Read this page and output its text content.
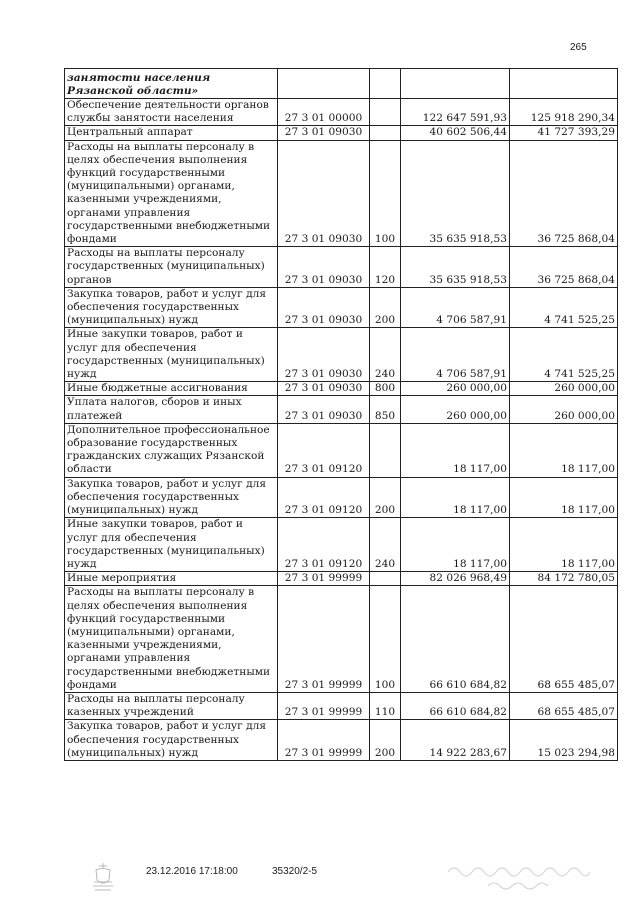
265
занятости населения Рязанской области»				
Обеспечение деятельности органов службы занятости населения	27 3 01 00000		122 647 591,93	125 918 290,34
Центральный аппарат	27 3 01 09030		40 602 506,44	41 727 393,29
Расходы на выплаты персоналу в целях обеспечения выполнения функций государственными (муниципальными) органами, казенными учреждениями, органами управления государственными внебюджетными фондами	27 3 01 09030	100	35 635 918,53	36 725 868,04
Расходы на выплаты персоналу государственных (муниципальных) органов	27 3 01 09030	120	35 635 918,53	36 725 868,04
Закупка товаров, работ и услуг для обеспечения государственных (муниципальных) нужд	27 3 01 09030	200	4 706 587,91	4 741 525,25
Иные закупки товаров, работ и услуг для обеспечения государственных (муниципальных) нужд	27 3 01 09030	240	4 706 587,91	4 741 525,25
Иные бюджетные ассигнования	27 3 01 09030	800	260 000,00	260 000,00
Уплата налогов, сборов и иных платежей	27 3 01 09030	850	260 000,00	260 000,00
Дополнительное профессиональное образование государственных гражданских служащих Рязанской области	27 3 01 09120		18 117,00	18 117,00
Закупка товаров, работ и услуг для обеспечения государственных (муниципальных) нужд	27 3 01 09120	200	18 117,00	18 117,00
Иные закупки товаров, работ и услуг для обеспечения государственных (муниципальных) нужд	27 3 01 09120	240	18 117,00	18 117,00
Иные мероприятия	27 3 01 99999		82 026 968,49	84 172 780,05
Расходы на выплаты персоналу в целях обеспечения выполнения функций государственными (муниципальными) органами, казенными учреждениями, органами управления государственными внебюджетными фондами	27 3 01 99999	100	66 610 684,82	68 655 485,07
Расходы на выплаты персоналу казенных учреждений	27 3 01 99999	110	66 610 684,82	68 655 485,07
Закупка товаров, работ и услуг для обеспечения государственных (муниципальных) нужд	27 3 01 99999	200	14 922 283,67	15 023 294,98
23.12.2016 17:18:00	35320/2-5
